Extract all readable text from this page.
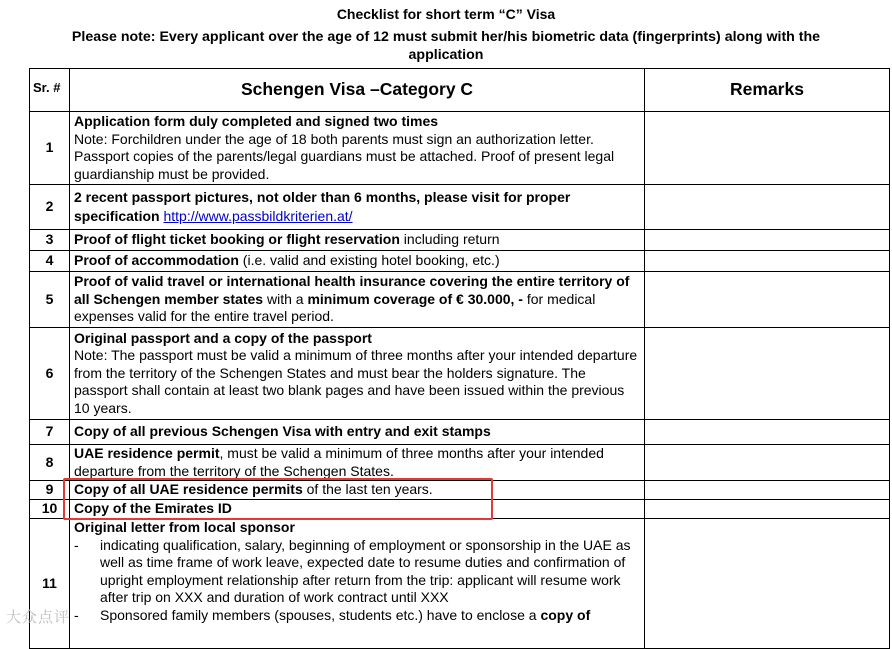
Checklist for short term “C” Visa
Please note: Every applicant over the age of 12 must submit her/his biometric data (fingerprints) along with the application
Sr. #	Schengen Visa –Category C	Remarks
1	Application form duly completed and signed two times
Note: Forchildren under the age of 18 both parents must sign an authorization letter. Passport copies of the parents/legal guardians must be attached. Proof of present legal guardianship must be provided.	

2	2 recent passport pictures, not older than 6 months, please visit for proper specification http://www.passbildkriterien.at/	
3	Proof of flight ticket booking or flight reservation including return	
4	Proof of accommodation (i.e. valid and existing hotel booking, etc.)	
5	Proof of valid travel or international health insurance covering the entire territory of all Schengen member states with a minimum coverage of € 30.000, - for medical expenses valid for the entire travel period.	
6	Original passport and a copy of the passport
Note: The passport must be valid a minimum of three months after your intended departure from the territory of the Schengen States and must bear the holders signature. The passport shall contain at least two blank pages and have been issued within the previous 10 years.	

7	Copy of all previous Schengen Visa with entry and exit stamps	
8	UAE residence permit, must be valid a minimum of three months after your intended departure from the territory of the Schengen States.	
9	Copy of all UAE residence permits of the last ten years.	
10	Copy of the Emirates ID	
11	Original letter from local sponsor
- indicating qualification, salary, beginning of employment or sponsorship in the UAE as well as time frame of work leave, expected date to resume duties and confirmation of upright employment relationship after return from the trip: applicant will resume work after trip on XXX and duration of work contract until XXX
- Sponsored family members (spouses, students etc.) have to enclose a copy of	

大众点评
